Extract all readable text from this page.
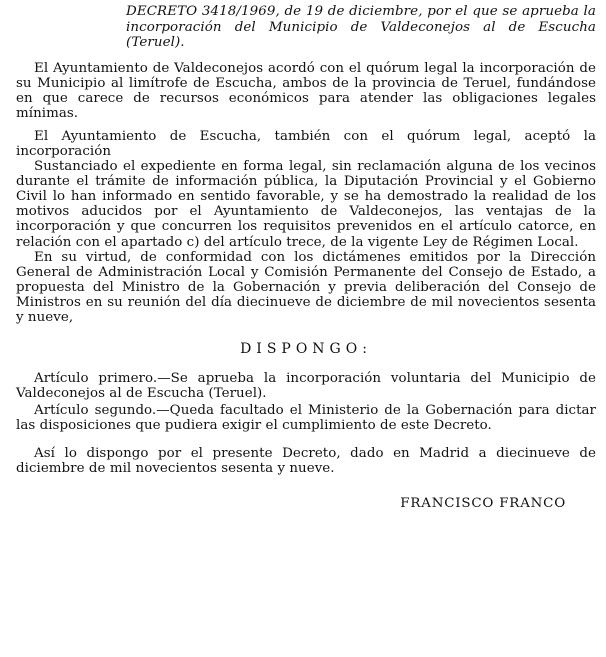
DECRETO 3418/1969, de 19 de diciembre, por el que se aprueba la incorporación del Municipio de Valdeconejos al de Escucha (Teruel).

El Ayuntamiento de Valdeconejos acordó con el quórum legal la incorporación de su Municipio al limítrofe de Escucha, ambos de la provincia de Teruel, fundándose en que carece de recursos económicos para atender las obligaciones legales mínimas.

El Ayuntamiento de Escucha, también con el quórum legal, aceptó la incorporación

Sustanciado el expediente en forma legal, sin reclamación alguna de los vecinos durante el trámite de información pública, la Diputación Provincial y el Gobierno Civil lo han informado en sentido favorable, y se ha demostrado la realidad de los motivos aducidos por el Ayuntamiento de Valdeconejos, las ventajas de la incorporación y que concurren los requisitos prevenidos en el artículo catorce, en relación con el apartado c) del artículo trece, de la vigente Ley de Régimen Local.

En su virtud, de conformidad con los dictámenes emitidos por la Dirección General de Administración Local y Comisión Permanente del Consejo de Estado, a propuesta del Ministro de la Gobernación y previa deliberación del Consejo de Ministros en su reunión del día diecinueve de diciembre de mil novecientos sesenta y nueve,

DISPONGO:

Artículo primero.—Se aprueba la incorporación voluntaria del Municipio de Valdeconejos al de Escucha (Teruel).

Artículo segundo.—Queda facultado el Ministerio de la Gobernación para dictar las disposiciones que pudiera exigir el cumplimiento de este Decreto.

Así lo dispongo por el presente Decreto, dado en Madrid a diecinueve de diciembre de mil novecientos sesenta y nueve.

FRANCISCO FRANCO
